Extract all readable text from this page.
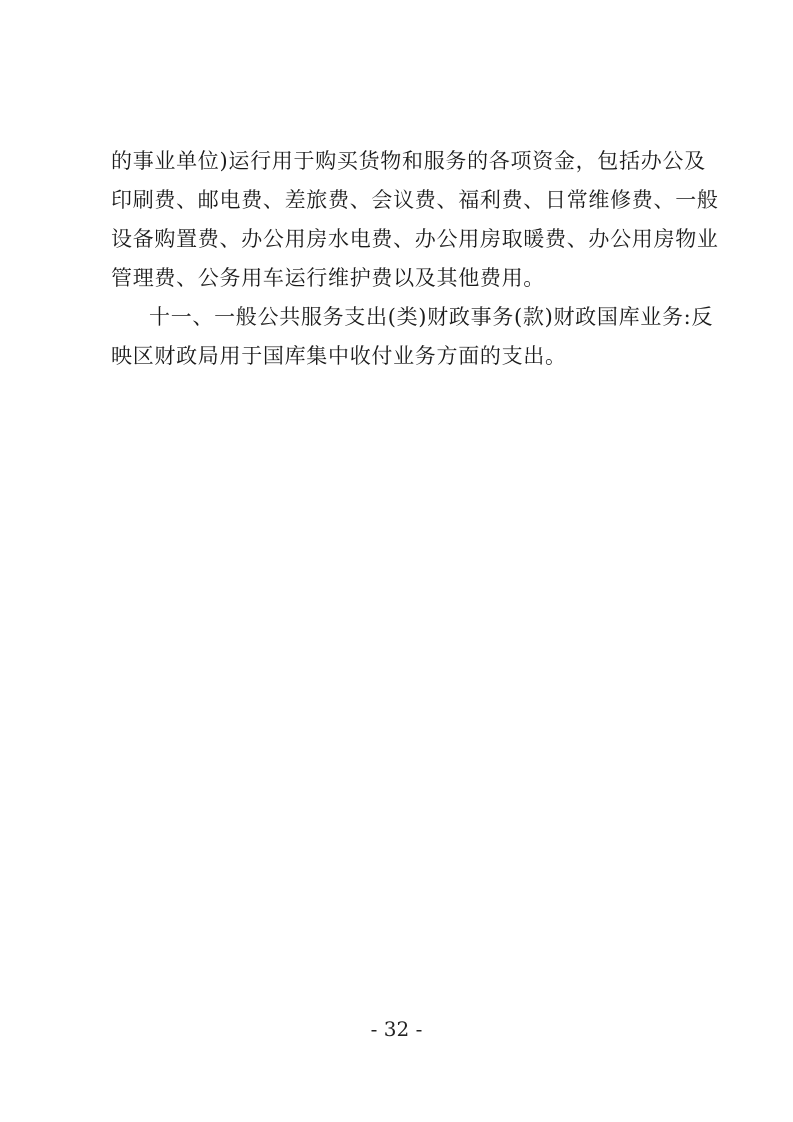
的事业单位)运行用于购买货物和服务的各项资金，包括办公及
印刷费、邮电费、差旅费、会议费、福利费、日常维修费、一般
设备购置费、办公用房水电费、办公用房取暖费、办公用房物业
管理费、公务用车运行维护费以及其他费用。
十一、一般公共服务支出(类)财政事务(款)财政国库业务:反
映区财政局用于国库集中收付业务方面的支出。
- 32 -
